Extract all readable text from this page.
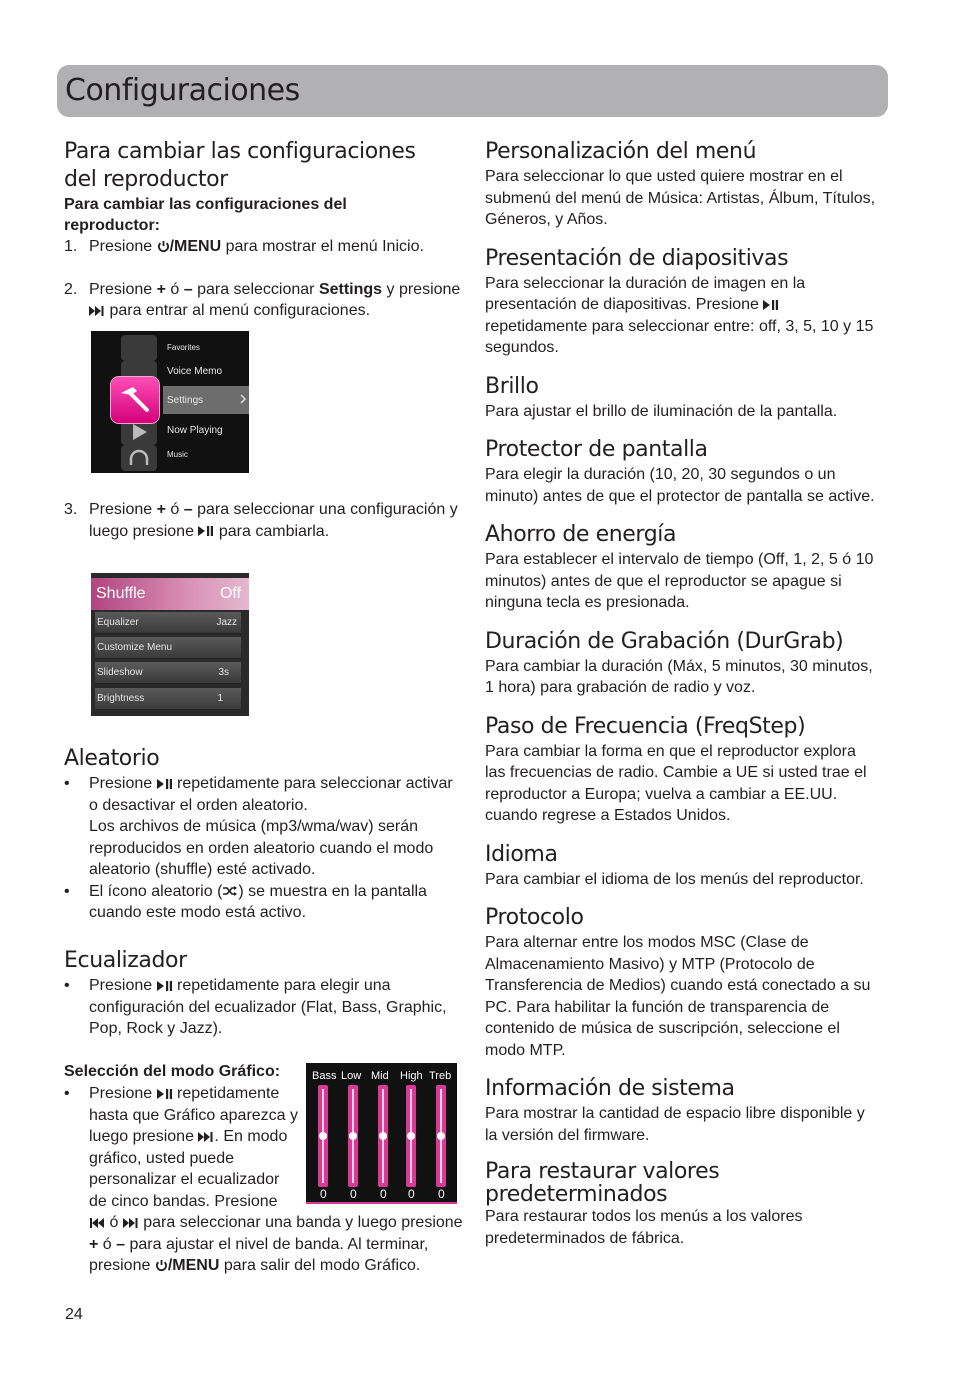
Configuraciones
Para cambiar las configuraciones del reproductor
Para cambiar las configuraciones del reproductor:
1. Presione /MENU para mostrar el menú Inicio.
2. Presione + ó – para seleccionar Settings y presione  para entrar al menú configuraciones.
Favorites
Voice Memo
Settings
Now Playing
Music
3. Presione + ó – para seleccionar una configuración y luego presione  para cambiarla.
Shuffle	Off
Equalizer	Jazz
Customize Menu
Slideshow	3s
Brightness	1
Aleatorio
• Presione  repetidamente para seleccionar activar o desactivar el orden aleatorio.
Los archivos de música (mp3/wma/wav) serán reproducidos en orden aleatorio cuando el modo aleatorio (shuffle) esté activado.
• El ícono aleatorio ( ) se muestra en la pantalla cuando este modo está activo.
Ecualizador
• Presione  repetidamente para elegir una configuración del ecualizador (Flat, Bass, Graphic, Pop, Rock y Jazz).
Selección del modo Gráfico:
• Presione  repetidamente hasta que Gráfico aparezca y luego presione . En modo gráfico, usted puede personalizar el ecualizador de cinco bandas. Presione
ó  para seleccionar una banda y luego presione + ó – para ajustar el nivel de banda. Al terminar, presione /MENU para salir del modo Gráfico.
Bass Low Mid High Treb
0 0 0 0 0
24
Personalización del menú

Para seleccionar lo que usted quiere mostrar en el submenú del menú de Música: Artistas, Álbum, Títulos, Géneros, y Años.

Presentación de diapositivas

Para seleccionar la duración de imagen en la presentación de diapositivas. Presione  repetidamente para seleccionar entre: off, 3, 5, 10 y 15 segundos.

Brillo

Para ajustar el brillo de iluminación de la pantalla.

Protector de pantalla

Para elegir la duración (10, 20, 30 segundos o un minuto) antes de que el protector de pantalla se active.

Ahorro de energía

Para establecer el intervalo de tiempo (Off, 1, 2, 5 ó 10 minutos) antes de que el reproductor se apague si ninguna tecla es presionada.

Duración de Grabación (DurGrab)

Para cambiar la duración (Máx, 5 minutos, 30 minutos, 1 hora) para grabación de radio y voz.

Paso de Frecuencia (FreqStep)

Para cambiar la forma en que el reproductor explora las frecuencias de radio. Cambie a UE si usted trae el reproductor a Europa; vuelva a cambiar a EE.UU. cuando regrese a Estados Unidos.

Idioma

Para cambiar el idioma de los menús del reproductor.

Protocolo

Para alternar entre los modos MSC (Clase de Almacenamiento Masivo) y MTP (Protocolo de Transferencia de Medios) cuando está conectado a su PC. Para habilitar la función de transparencia de contenido de música de suscripción, seleccione el modo MTP.

Información de sistema

Para mostrar la cantidad de espacio libre disponible y la versión del firmware.

Para restaurar valores predeterminados

Para restaurar todos los menús a los valores predeterminados de fábrica.
